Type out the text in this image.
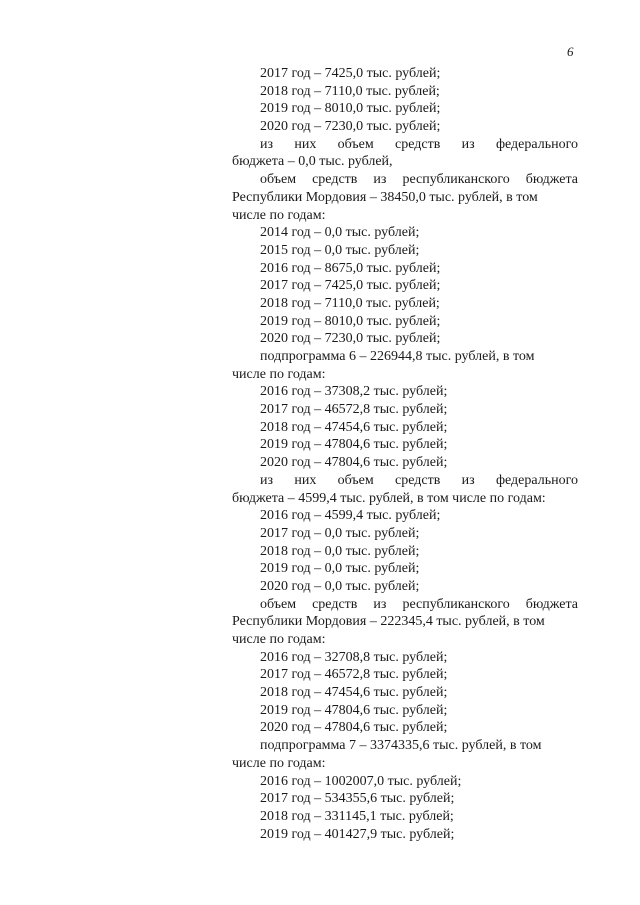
6
2017 год – 7425,0 тыс. рублей;
2018 год – 7110,0 тыс. рублей;
2019 год – 8010,0 тыс. рублей;
2020 год – 7230,0 тыс. рублей;
из них объем средств из федерального
бюджета – 0,0 тыс. рублей,
объем средств из республиканского бюджета
Республики Мордовия – 38450,0 тыс. рублей, в том
числе по годам:
2014 год – 0,0 тыс. рублей;
2015 год – 0,0 тыс. рублей;
2016 год – 8675,0 тыс. рублей;
2017 год – 7425,0 тыс. рублей;
2018 год – 7110,0 тыс. рублей;
2019 год – 8010,0 тыс. рублей;
2020 год – 7230,0 тыс. рублей;
подпрограмма 6 – 226944,8 тыс. рублей, в том
числе по годам:
2016 год – 37308,2 тыс. рублей;
2017 год – 46572,8 тыс. рублей;
2018 год – 47454,6 тыс. рублей;
2019 год – 47804,6 тыс. рублей;
2020 год – 47804,6 тыс. рублей;
из них объем средств из федерального
бюджета – 4599,4 тыс. рублей, в том числе по годам:
2016 год – 4599,4 тыс. рублей;
2017 год – 0,0 тыс. рублей;
2018 год – 0,0 тыс. рублей;
2019 год – 0,0 тыс. рублей;
2020 год – 0,0 тыс. рублей;
объем средств из республиканского бюджета
Республики Мордовия – 222345,4 тыс. рублей, в том
числе по годам:
2016 год – 32708,8 тыс. рублей;
2017 год – 46572,8 тыс. рублей;
2018 год – 47454,6 тыс. рублей;
2019 год – 47804,6 тыс. рублей;
2020 год – 47804,6 тыс. рублей;
подпрограмма 7 – 3374335,6 тыс. рублей, в том
числе по годам:
2016 год – 1002007,0 тыс. рублей;
2017 год – 534355,6 тыс. рублей;
2018 год – 331145,1 тыс. рублей;
2019 год – 401427,9 тыс. рублей;
